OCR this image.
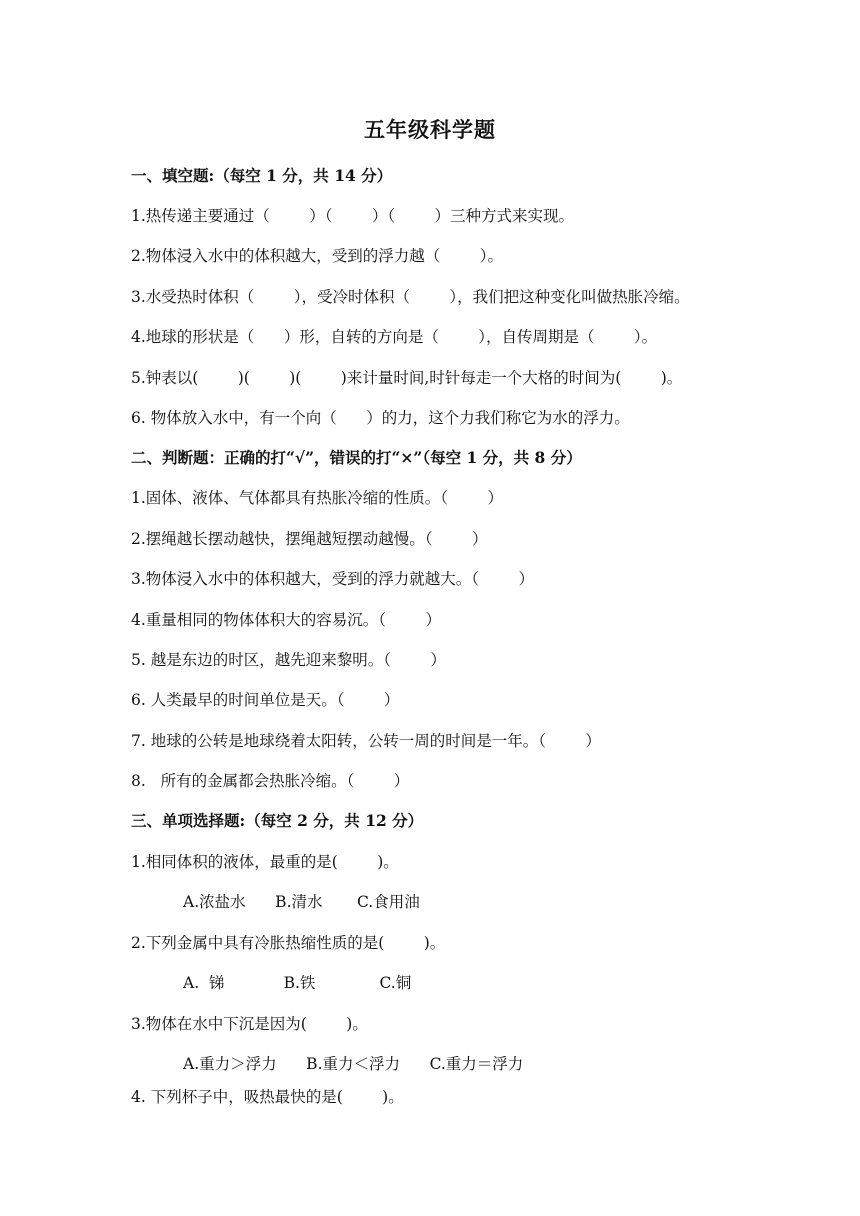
五年级科学题
一、填空题:（每空 1 分，共 14 分）
1.热传递主要通过（        ）（        ）（        ）三种方式来实现。
2.物体浸入水中的体积越大，受到的浮力越（        ）。
3.水受热时体积（        ），受冷时体积（        ），我们把这种变化叫做热胀冷缩。
4.地球的形状是（      ）形，自转的方向是（        ），自传周期是（        ）。
5.钟表以(        )(        )(        )来计量时间,时针每走一个大格的时间为(        )。
6. 物体放入水中，有一个向（      ）的力，这个力我们称它为水的浮力。
二、判断题：正确的打“√”，错误的打“×”（每空 1 分，共 8 分）
1.固体、液体、气体都具有热胀冷缩的性质。（        ）
2.摆绳越长摆动越快，摆绳越短摆动越慢。（        ）
3.物体浸入水中的体积越大，受到的浮力就越大。（        ）
4.重量相同的物体体积大的容易沉。（        ）
5. 越是东边的时区，越先迎来黎明。（        ）
6. 人类最早的时间单位是天。（        ）
7. 地球的公转是地球绕着太阳转，公转一周的时间是一年。（        ）
8.   所有的金属都会热胀冷缩。（        ）
三、单项选择题:（每空 2 分，共 12 分）
1.相同体积的液体，最重的是(        )。
A.浓盐水      B.清水       C.食用油
2.下列金属中具有冷胀热缩性质的是(        )。
A.  锑            B.铁             C.铜
3.物体在水中下沉是因为(        )。
A.重力＞浮力      B.重力＜浮力      C.重力＝浮力
4. 下列杯子中，吸热最快的是(        )。
